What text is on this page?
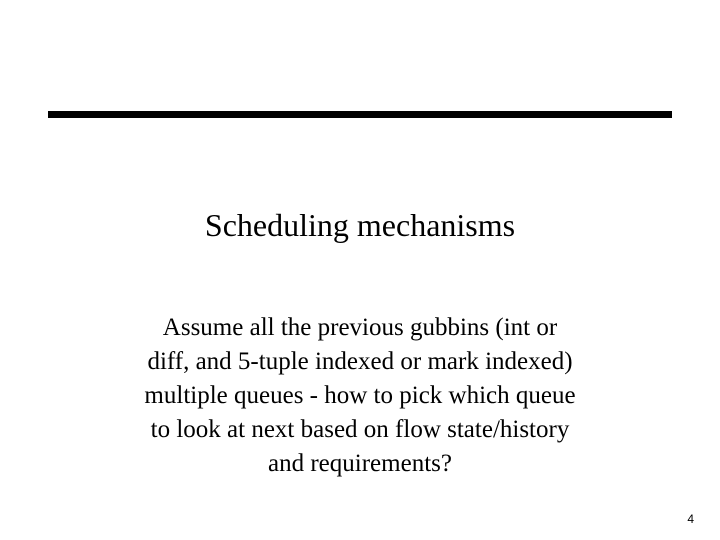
Scheduling mechanisms
Assume all the previous gubbins (int or
diff, and 5-tuple indexed or mark indexed)
multiple queues - how to pick which queue
to look at next based on flow state/history
and requirements?
4
